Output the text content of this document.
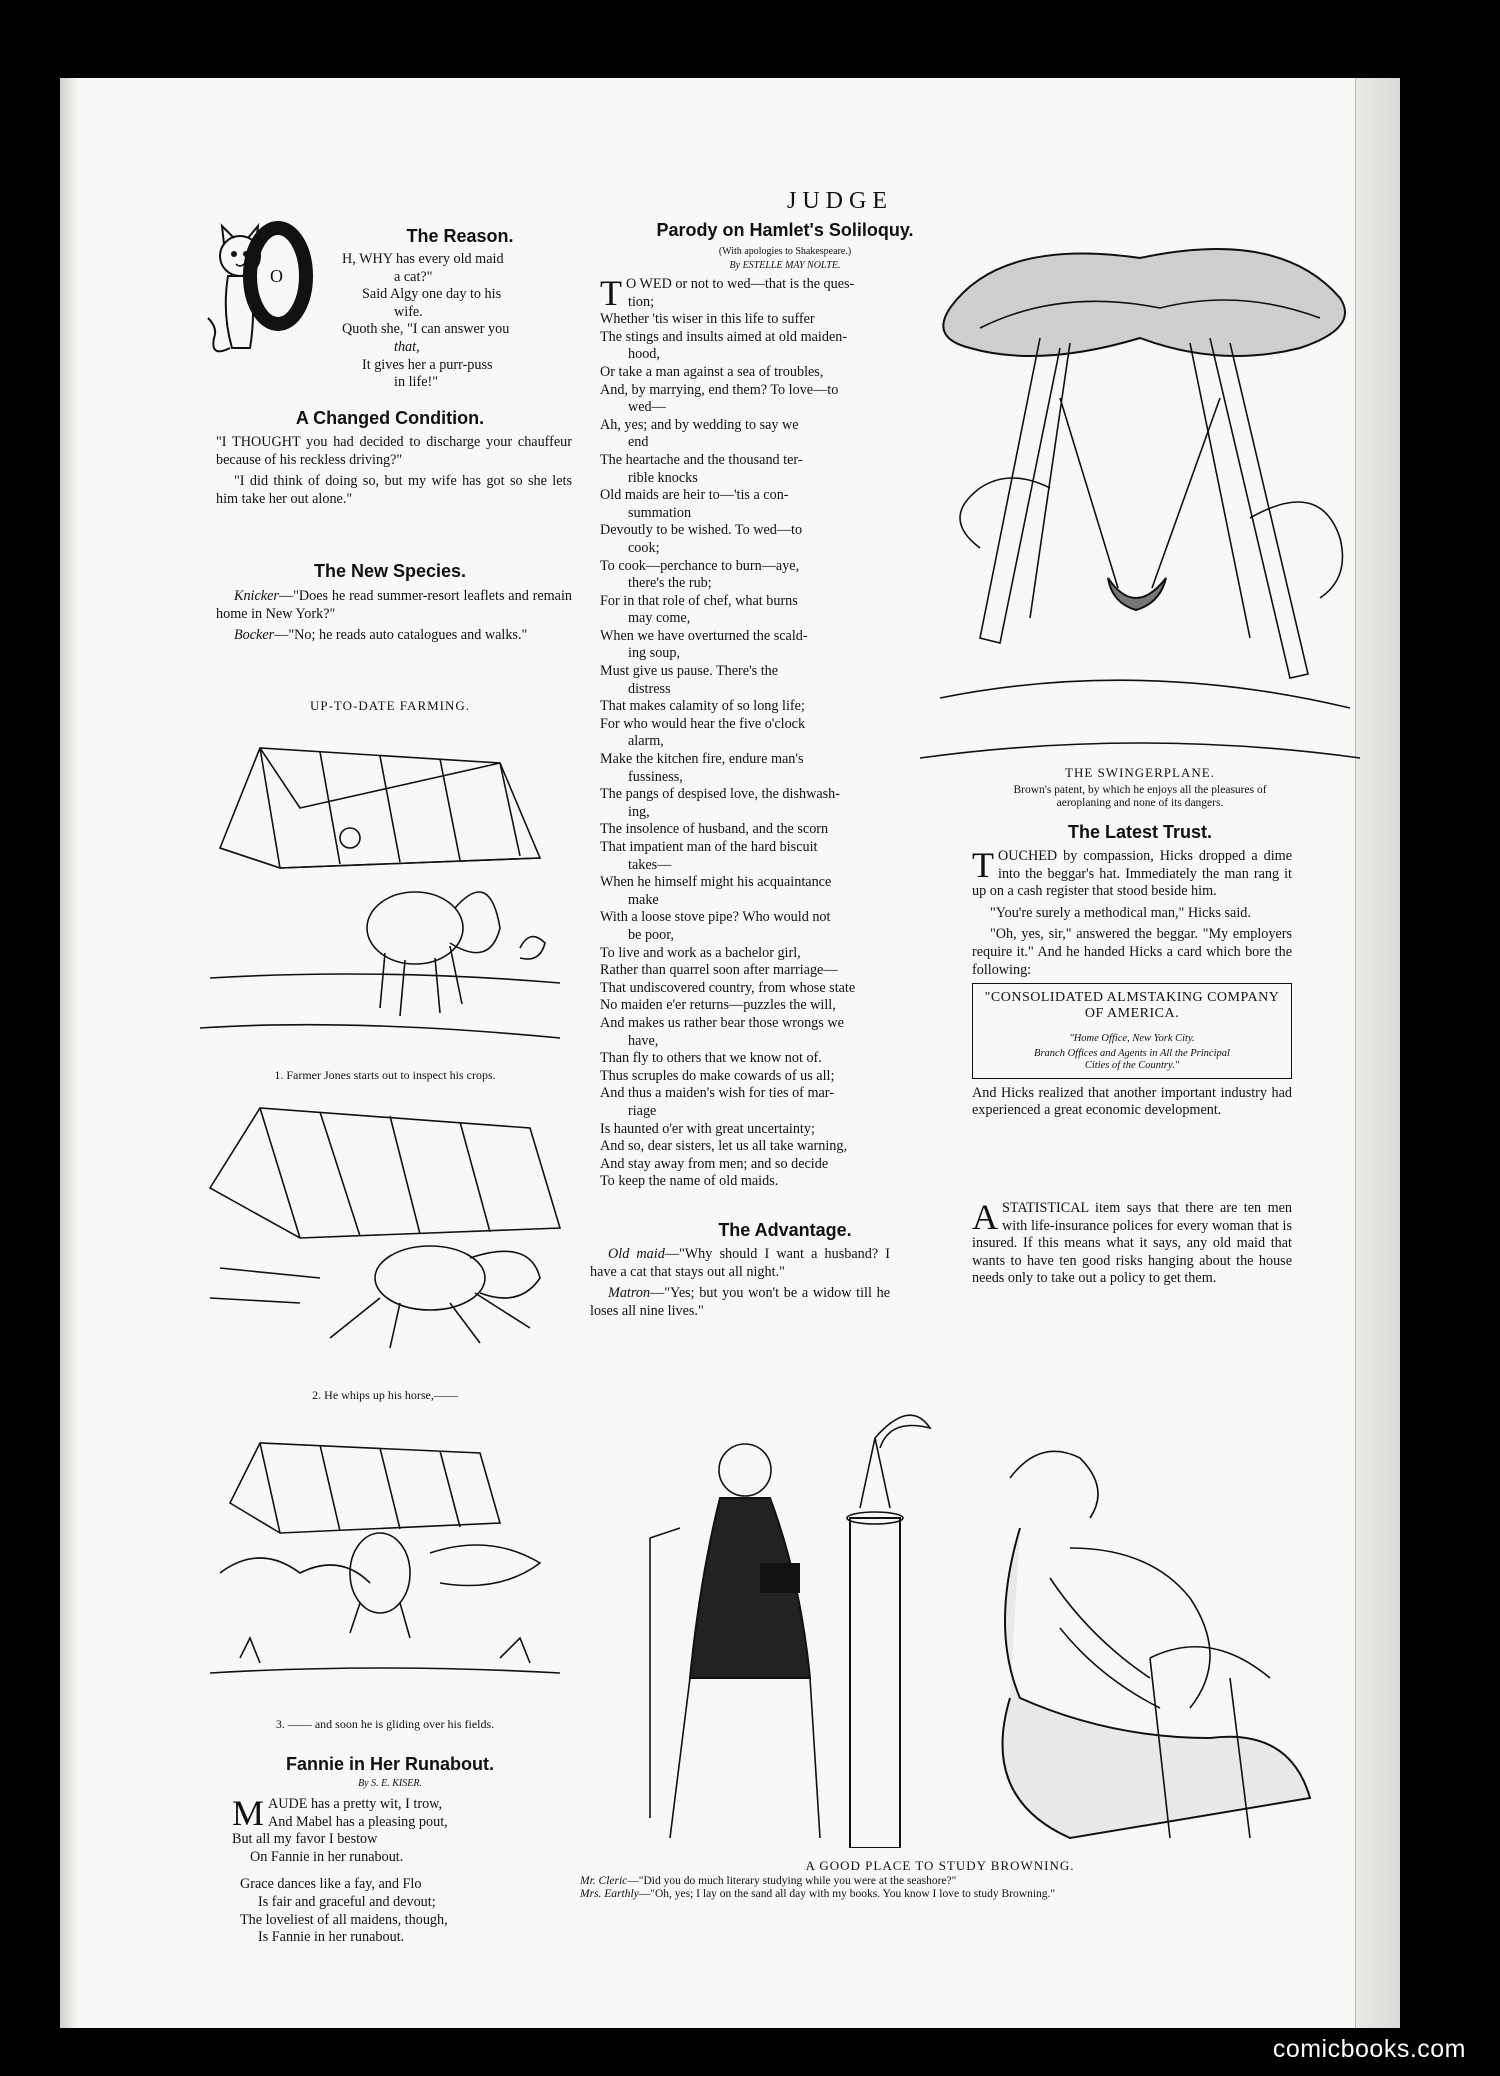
JUDGE
O
The Reason.
H, WHY has every old maid
a cat?"
Said Algy one day to his
wife.
Quoth she, "I can answer you
that,
It gives her a purr-puss
in life!"
A Changed Condition.

"I THOUGHT you had decided to discharge your chauffeur because of his reckless driving?"

"I did think of doing so, but my wife has got so she lets him take her out alone."

The New Species.

Knicker—"Does he read summer-resort leaflets and remain home in New York?"

Bocker—"No; he reads auto catalogues and walks."

UP-TO-DATE FARMING.
1. Farmer Jones starts out to inspect his crops.
2. He whips up his horse,——
3. —— and soon he is gliding over his fields.
Fannie in Her Runabout.
By S. E. KISER.
MAUDE has a pretty wit, I trow,
And Mabel has a pleasing pout,
But all my favor I bestow
On Fannie in her runabout.
Grace dances like a fay, and Flo
Is fair and graceful and devout;
The loveliest of all maidens, though,
Is Fannie in her runabout.
Parody on Hamlet's Soliloquy.
(With apologies to Shakespeare.)
By ESTELLE MAY NOLTE.
T O WED or not to wed—that is the ques-
tion;
Whether 'tis wiser in this life to suffer
The stings and insults aimed at old maiden-
hood,
Or take a man against a sea of troubles,
And, by marrying, end them? To love—to
wed—
Ah, yes; and by wedding to say we
end
The heartache and the thousand ter-
rible knocks
Old maids are heir to—'tis a con-
summation
Devoutly to be wished. To wed—to
cook;
To cook—perchance to burn—aye,
there's the rub;
For in that role of chef, what burns
may come,
When we have overturned the scald-
ing soup,
Must give us pause. There's the
distress
That makes calamity of so long life;
For who would hear the five o'clock
alarm,
Make the kitchen fire, endure man's
fussiness,
The pangs of despised love, the dishwash-
ing,
The insolence of husband, and the scorn
That impatient man of the hard biscuit
takes—
When he himself might his acquaintance
make
With a loose stove pipe? Who would not
be poor,
To live and work as a bachelor girl,
Rather than quarrel soon after marriage—
That undiscovered country, from whose state
No maiden e'er returns—puzzles the will,
And makes us rather bear those wrongs we
have,
Than fly to others that we know not of.
Thus scruples do make cowards of us all;
And thus a maiden's wish for ties of mar-
riage
Is haunted o'er with great uncertainty;
And so, dear sisters, let us all take warning,
And stay away from men; and so decide
To keep the name of old maids.
The Advantage.

Old maid—"Why should I want a husband? I have a cat that stays out all night."

Matron—"Yes; but you won't be a widow till he loses all nine lives."

THE SWINGERPLANE.
Brown's patent, by which he enjoys all the pleasures of aeroplaning and none of its dangers.
The Latest Trust.

TOUCHED by compassion, Hicks dropped a dime into the beggar's hat. Immediately the man rang it up on a cash register that stood beside him.

"You're surely a methodical man," Hicks said.

"Oh, yes, sir," answered the beggar. "My employers require it." And he handed Hicks a card which bore the following:

"CONSOLIDATED ALMSTAKING COMPANY OF AMERICA.
"Home Office, New York City.
Branch Offices and Agents in All the Principal Cities of the Country."

And Hicks realized that another important industry had experienced a great economic development.

ASTATISTICAL item says that there are ten men with life-insurance polices for every woman that is insured. If this means what it says, any old maid that wants to have ten good risks hanging about the house needs only to take out a policy to get them.

A GOOD PLACE TO STUDY BROWNING.
Mr. Cleric—"Did you do much literary studying while you were at the seashore?"
Mrs. Earthly—"Oh, yes; I lay on the sand all day with my books. You know I love to study Browning."
comicbooks.com
